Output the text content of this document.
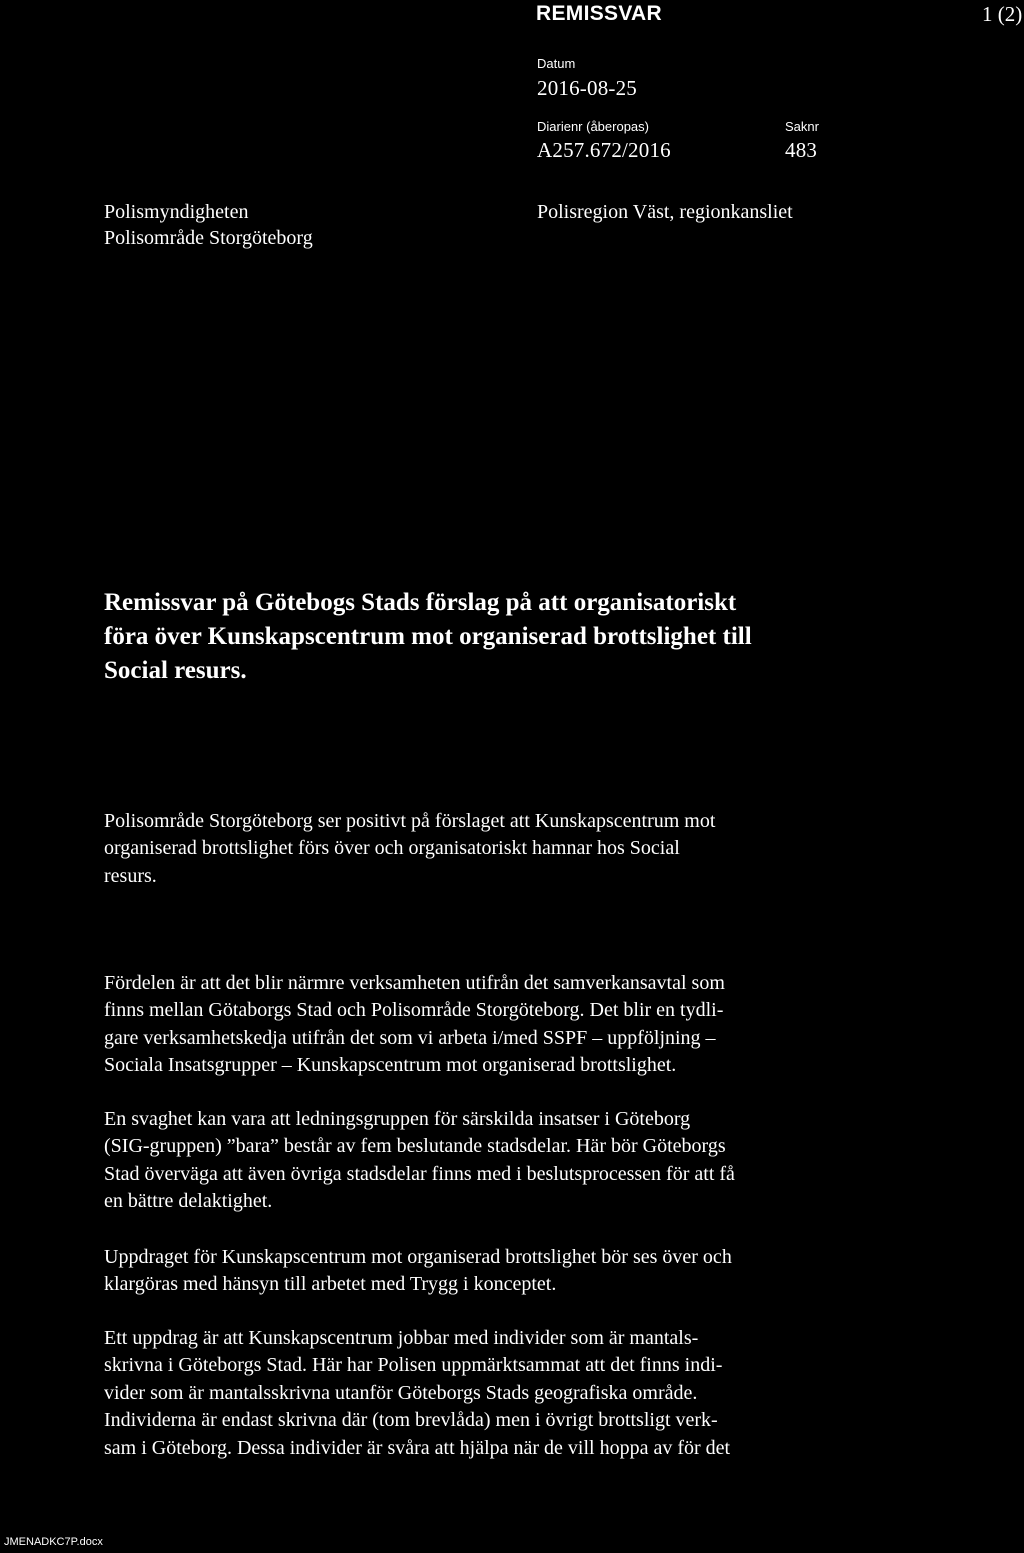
REMISSVAR	1 (2)
Datum
2016-08-25
Diarienr (åberopas)
A257.672/2016
Saknr
483
Polismyndigheten
Polisområde Storgöteborg
Polisregion Väst, regionkansliet
Remissvar på Götebogs Stads förslag på att organisatoriskt
föra över Kunskapscentrum mot organiserad brottslighet till
Social resurs.
Polisområde Storgöteborg ser positivt på förslaget att Kunskapscentrum mot
organiserad brottslighet förs över och organisatoriskt hamnar hos Social
resurs.
Fördelen är att det blir närmre verksamheten utifrån det samverkansavtal som
finns mellan Götaborgs Stad och Polisområde Storgöteborg. Det blir en tydli-
gare verksamhetskedja utifrån det som vi arbeta i/med SSPF – uppföljning –
Sociala Insatsgrupper – Kunskapscentrum mot organiserad brottslighet.
En svaghet kan vara att ledningsgruppen för särskilda insatser i Göteborg
(SIG-gruppen) ”bara” består av fem beslutande stadsdelar. Här bör Göteborgs
Stad överväga att även övriga stadsdelar finns med i beslutsprocessen för att få
en bättre delaktighet.
Uppdraget för Kunskapscentrum mot organiserad brottslighet bör ses över och
klargöras med hänsyn till arbetet med Trygg i konceptet.
Ett uppdrag är att Kunskapscentrum jobbar med individer som är mantals-
skrivna i Göteborgs Stad. Här har Polisen uppmärktsammat att det finns indi-
vider som är mantalsskrivna utanför Göteborgs Stads geografiska område.
Individerna är endast skrivna där (tom brevlåda) men i övrigt brottsligt verk-
sam i Göteborg. Dessa individer är svåra att hjälpa när de vill hoppa av för det
JMENADKC7P.docx
